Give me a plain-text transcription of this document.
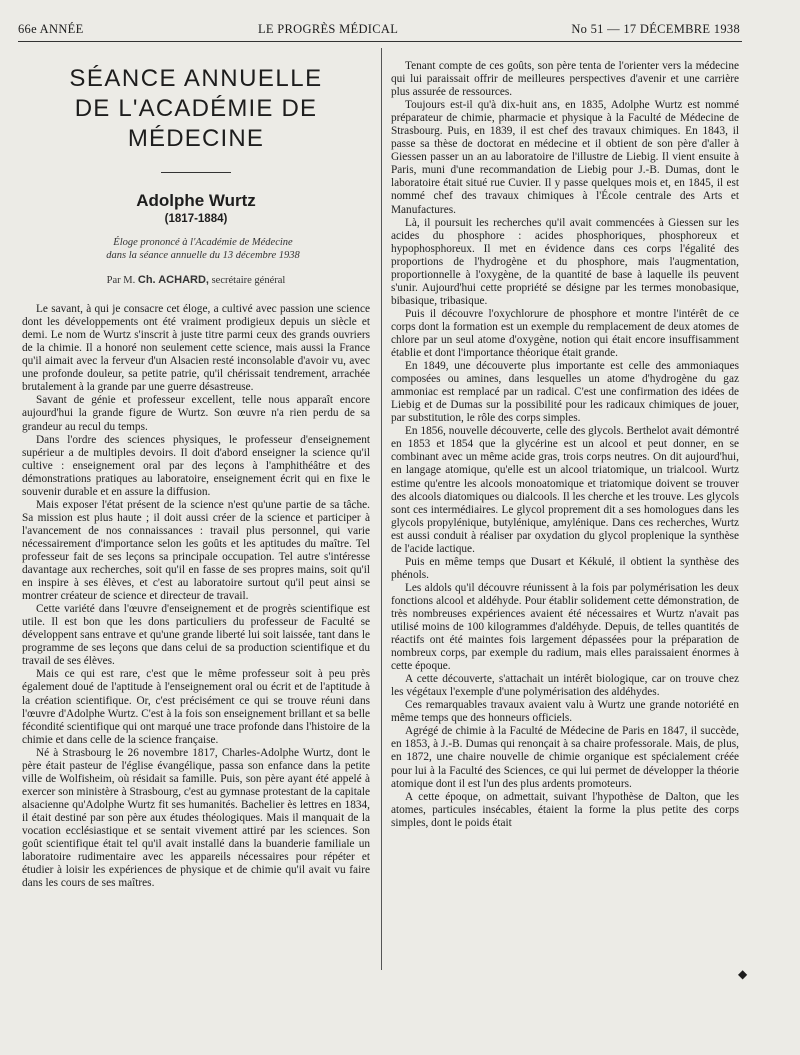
66e ANNÉE	LE PROGRÈS MÉDICAL	No 51 — 17 DÉCEMBRE 1938
SÉANCE ANNUELLE
DE L'ACADÉMIE DE MÉDECINE
Adolphe Wurtz
(1817-1884)

Éloge prononcé à l'Académie de Médecine

dans la séance annuelle du 13 décembre 1938

Par M. Ch. ACHARD, secrétaire général

Le savant, à qui je consacre cet éloge, a cultivé avec passion une science dont les développements ont été vraiment prodigieux depuis un siècle et demi. Le nom de Wurtz s'inscrit à juste titre parmi ceux des grands ouvriers de la chimie. Il a honoré non seulement cette science, mais aussi la France qu'il aimait avec la ferveur d'un Alsacien resté inconsolable d'avoir vu, avec une profonde douleur, sa petite patrie, qu'il chérissait tendrement, arrachée brutalement à la grande par une guerre désastreuse.

Savant de génie et professeur excellent, telle nous apparaît encore aujourd'hui la grande figure de Wurtz. Son œuvre n'a rien perdu de sa grandeur au recul du temps.

Dans l'ordre des sciences physiques, le professeur d'enseignement supérieur a de multiples devoirs. Il doit d'abord enseigner la science qu'il cultive : enseignement oral par des leçons à l'amphithéâtre et des démonstrations pratiques au laboratoire, enseignement écrit qui en fixe le souvenir durable et en assure la diffusion.

Mais exposer l'état présent de la science n'est qu'une partie de sa tâche. Sa mission est plus haute ; il doit aussi créer de la science et participer à l'avancement de nos connaissances : travail plus personnel, qui varie nécessairement d'importance selon les goûts et les aptitudes du maître. Tel professeur fait de ses leçons sa principale occupation. Tel autre s'intéresse davantage aux recherches, soit qu'il en fasse de ses propres mains, soit qu'il en inspire à ses élèves, et c'est au laboratoire surtout qu'il peut ainsi se montrer créateur de science et directeur de travail.

Cette variété dans l'œuvre d'enseignement et de progrès scientifique est utile. Il est bon que les dons particuliers du professeur de Faculté se développent sans entrave et qu'une grande liberté lui soit laissée, tant dans le programme de ses leçons que dans celui de sa production scientifique et du travail de ses élèves.

Mais ce qui est rare, c'est que le même professeur soit à peu près également doué de l'aptitude à l'enseignement oral ou écrit et de l'aptitude à la création scientifique. Or, c'est précisément ce qui se trouve réuni dans l'œuvre d'Adolphe Wurtz. C'est à la fois son enseignement brillant et sa belle fécondité scientifique qui ont marqué une trace profonde dans l'histoire de la chimie et dans celle de la science française.

Né à Strasbourg le 26 novembre 1817, Charles-Adolphe Wurtz, dont le père était pasteur de l'église évangélique, passa son enfance dans la petite ville de Wolfisheim, où résidait sa famille. Puis, son père ayant été appelé à exercer son ministère à Strasbourg, c'est au gymnase protestant de la capitale alsacienne qu'Adolphe Wurtz fit ses humanités. Bachelier ès lettres en 1834, il était destiné par son père aux études théologiques. Mais il manquait de la vocation ecclésiastique et se sentait vivement attiré par les sciences. Son goût scientifique était tel qu'il avait installé dans la buanderie familiale un laboratoire rudimentaire avec les appareils nécessaires pour répéter et étudier à loisir les expériences de physique et de chimie qu'il avait vu faire dans les cours de ses maîtres.

Tenant compte de ces goûts, son père tenta de l'orienter vers la médecine qui lui paraissait offrir de meilleures perspectives d'avenir et une carrière plus assurée de ressources.

Toujours est-il qu'à dix-huit ans, en 1835, Adolphe Wurtz est nommé préparateur de chimie, pharmacie et physique à la Faculté de Médecine de Strasbourg. Puis, en 1839, il est chef des travaux chimiques. En 1843, il passe sa thèse de doctorat en médecine et il obtient de son père d'aller à Giessen passer un an au laboratoire de l'illustre de Liebig. Il vient ensuite à Paris, muni d'une recommandation de Liebig pour J.-B. Dumas, dont le laboratoire était situé rue Cuvier. Il y passe quelques mois et, en 1845, il est nommé chef des travaux chimiques à l'École centrale des Arts et Manufactures.

Là, il poursuit les recherches qu'il avait commencées à Giessen sur les acides du phosphore : acides phosphoriques, phosphoreux et hypophosphoreux. Il met en évidence dans ces corps l'égalité des proportions de l'hydrogène et du phosphore, mais l'augmentation, proportionnelle à l'oxygène, de la quantité de base à laquelle ils peuvent s'unir. Aujourd'hui cette propriété se désigne par les termes monobasique, bibasique, tribasique.

Puis il découvre l'oxychlorure de phosphore et montre l'intérêt de ce corps dont la formation est un exemple du remplacement de deux atomes de chlore par un seul atome d'oxygène, notion qui était encore insuffisamment établie et dont l'importance théorique était grande.

En 1849, une découverte plus importante est celle des ammoniaques composées ou amines, dans lesquelles un atome d'hydrogène du gaz ammoniac est remplacé par un radical. C'est une confirmation des idées de Liebig et de Dumas sur la possibilité pour les radicaux chimiques de jouer, par substitution, le rôle des corps simples.

En 1856, nouvelle découverte, celle des glycols. Berthelot avait démontré en 1853 et 1854 que la glycérine est un alcool et peut donner, en se combinant avec un même acide gras, trois corps neutres. On dit aujourd'hui, en langage atomique, qu'elle est un alcool triatomique, un trialcool. Wurtz estime qu'entre les alcools monoatomique et triatomique doivent se trouver des alcools diatomiques ou dialcools. Il les cherche et les trouve. Les glycols sont ces intermédiaires. Le glycol proprement dit a ses homologues dans les glycols propylénique, butylénique, amylénique. Dans ces recherches, Wurtz est aussi conduit à réaliser par oxydation du glycol proplenique la synthèse de l'acide lactique.

Puis en même temps que Dusart et Kékulé, il obtient la synthèse des phénols.

Les aldols qu'il découvre réunissent à la fois par polymérisation les deux fonctions alcool et aldéhyde. Pour établir solidement cette démonstration, de très nombreuses expériences avaient été nécessaires et Wurtz n'avait pas utilisé moins de 100 kilogrammes d'aldéhyde. Depuis, de telles quantités de réactifs ont été maintes fois largement dépassées pour la préparation de nombreux corps, par exemple du radium, mais elles paraissaient énormes à cette époque.

A cette découverte, s'attachait un intérêt biologique, car on trouve chez les végétaux l'exemple d'une polymérisation des aldéhydes.

Ces remarquables travaux avaient valu à Wurtz une grande notoriété en même temps que des honneurs officiels.

Agrégé de chimie à la Faculté de Médecine de Paris en 1847, il succède, en 1853, à J.-B. Dumas qui renonçait à sa chaire professorale. Mais, de plus, en 1872, une chaire nouvelle de chimie organique est spécialement créée pour lui à la Faculté des Sciences, ce qui lui permet de développer la théorie atomique dont il est l'un des plus ardents promoteurs.

A cette époque, on admettait, suivant l'hypothèse de Dalton, que les atomes, particules insécables, étaient la forme la plus petite des corps simples, dont le poids était

◆
